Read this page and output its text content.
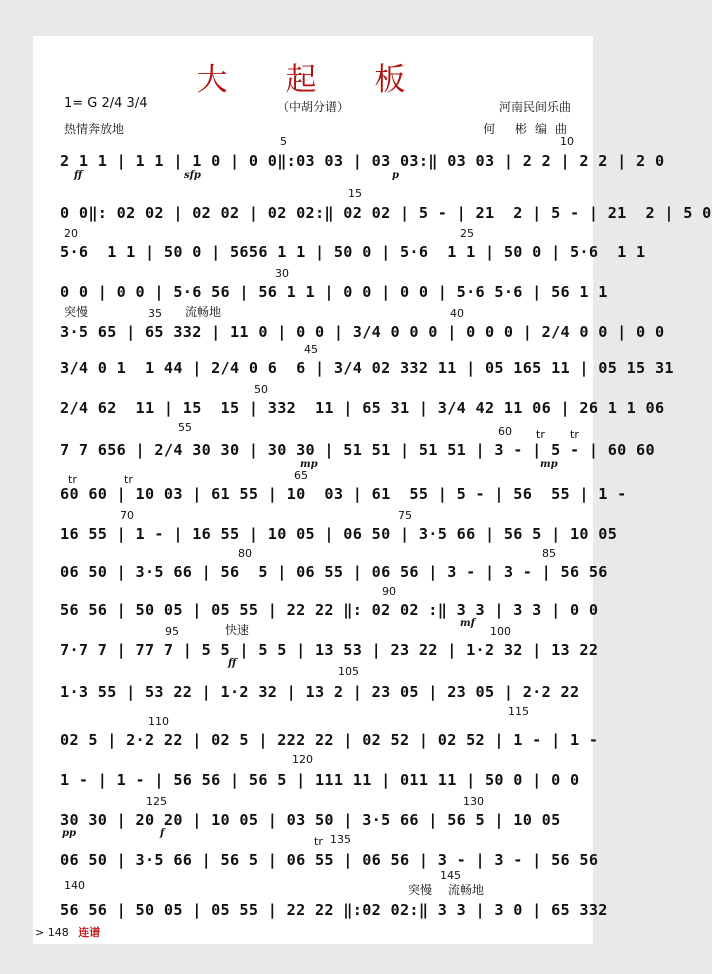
大 起 板
1= G 2/4 3/4	（中胡分谱）	河南民间乐曲
热情奔放地	何 彬编曲
5	10
2 1 1 | 1 1 | 1 0 | 0 0‖:03 03 | 03 03:‖ 03 03 | 2 2 | 2 2 | 2 0
ff	sfp	p
15
0 0‖: 02 02 | 02 02 | 02 02:‖ 02 02 | 5 - | 21  2 | 5 - | 21  2 | 5 0
20	25
5·6  1 1 | 50 0 | 5656 1 1 | 50 0 | 5·6  1 1 | 50 0 | 5·6  1 1
30
0 0 | 0 0 | 5·6 56 | 56 1 1 | 0 0 | 0 0 | 5·6 5·6 | 56 1 1
突慢	35 流畅地	40
3·5 65 | 65 332 | 11 0 | 0 0 | 3/4 0 0 0 | 0 0 0 | 2/4 0 0 | 0 0
45
3/4 0 1  1 44 | 2/4 0 6  6 | 3/4 02 332 11 | 05 165 11 | 05 15 31
50
2/4 62  11 | 15  15 | 332  11 | 65 31 | 3/4 42 11 06 | 26 1 1 06
55	60 tr tr
7 7 656 | 2/4 30 30 | 30 30 | 51 51 | 51 51 | 3 - | 5 - | 60 60
mp	mp
tr	tr	65
60 60 | 10 03 | 61 55 | 10  03 | 61  55 | 5 - | 56  55 | 1 -
70	75
16 55 | 1 - | 16 55 | 10 05 | 06 50 | 3·5 66 | 56 5 | 10 05
80	85
06 50 | 3·5 66 | 56  5 | 06 55 | 06 56 | 3 - | 3 - | 56 56
90
56 56 | 50 05 | 05 55 | 22 22 ‖: 02 02 :‖ 3 3 | 3 3 | 0 0
mf
95	快速	100
7·7 7 | 77 7 | 5 5 | 5 5 | 13 53 | 23 22 | 1·2 32 | 13 22
ff
105
1·3 55 | 53 22 | 1·2 32 | 13 2 | 23 05 | 23 05 | 2·2 22
110
115
02 5 | 2·2 22 | 02 5 | 222 22 | 02 52 | 02 52 | 1 - | 1 -
120
1 - | 1 - | 56 56 | 56 5 | 111 11 | 011 11 | 50 0 | 0 0
125	130
30 30 | 20 20 | 10 05 | 03 50 | 3·5 66 | 56 5 | 10 05
pp	f
tr 135
06 50 | 3·5 66 | 56 5 | 06 55 | 06 56 | 3 - | 3 - | 56 56
140
145
突慢 流畅地
56 56 | 50 05 | 05 55 | 22 22 ‖:02 02:‖ 3 3 | 3 0 | 65 332
> 148 连谱
